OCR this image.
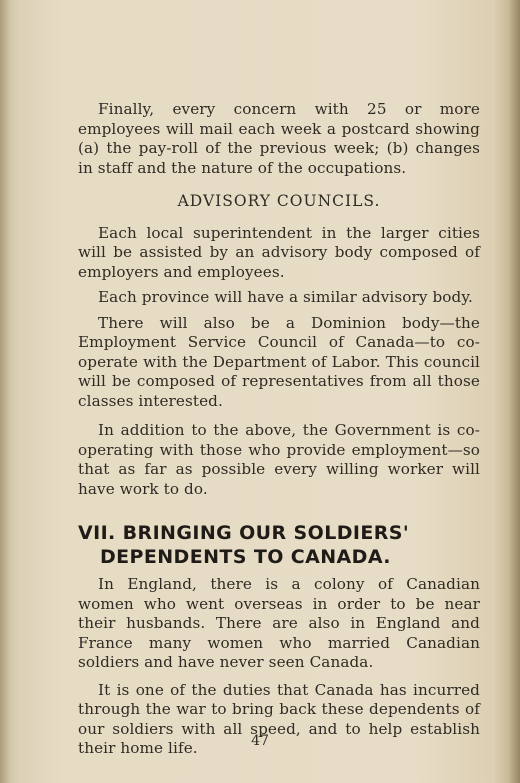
Finally, every concern with 25 or more employees will mail each week a postcard showing (a) the pay-roll of the previous week; (b) changes in staff and the nature of the occupations.

ADVISORY COUNCILS.

Each local superintendent in the larger cities will be assisted by an advisory body composed of employers and employees.

Each province will have a similar advisory body.

There will also be a Dominion body—the Employment Service Council of Canada—to co-operate with the Department of Labor. This council will be composed of representatives from all those classes interested.

In addition to the above, the Government is co-operating with those who provide employment—so that as far as possible every willing worker will have work to do.

VII. BRINGING OUR SOLDIERS' DEPENDENTS TO CANADA.

In England, there is a colony of Canadian women who went overseas in order to be near their husbands. There are also in England and France many women who married Canadian soldiers and have never seen Canada.

It is one of the duties that Canada has incurred through the war to bring back these dependents of our soldiers with all speed, and to help establish their home life.	47
